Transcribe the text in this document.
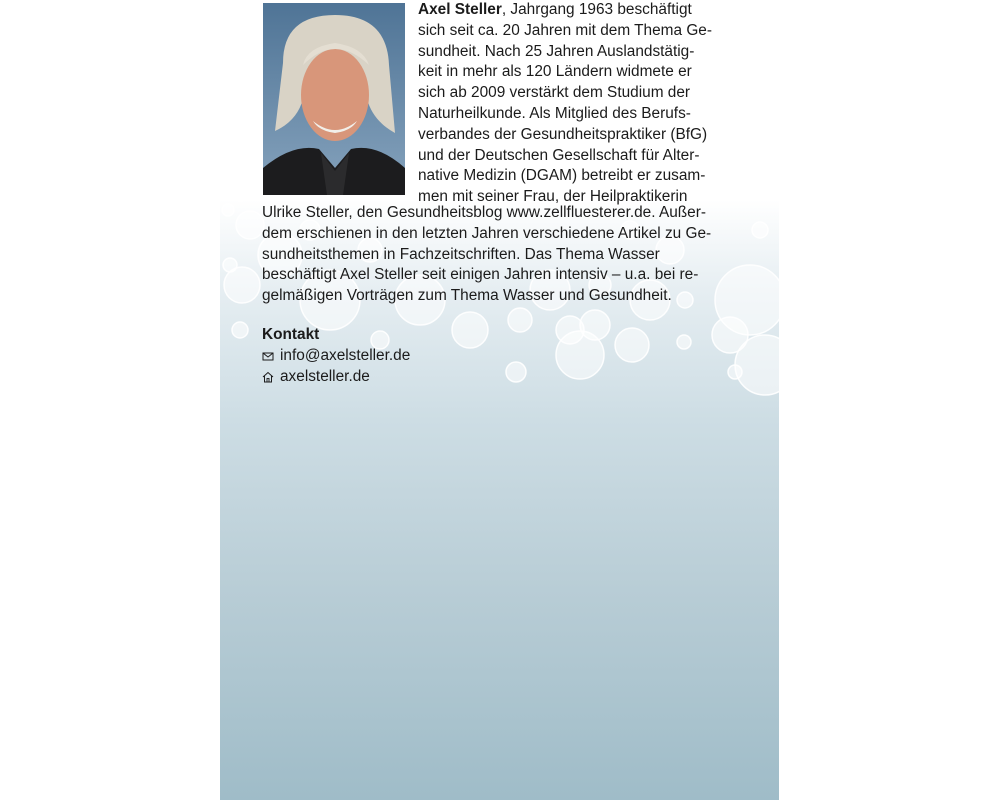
Axel Steller, Jahrgang 1963 beschäftigt
sich seit ca. 20 Jahren mit dem Thema Ge-
sundheit. Nach 25 Jahren Auslandstätig-
keit in mehr als 120 Ländern widmete er
sich ab 2009 verstärkt dem Studium der
Naturheilkunde. Als Mitglied des Berufs-
verbandes der Gesundheitspraktiker (BfG)
und der Deutschen Gesellschaft für Alter-
native Medizin (DGAM) betreibt er zusam-
men mit seiner Frau, der Heilpraktikerin
Ulrike Steller, den Gesundheitsblog www.zellfluesterer.de. Außer-
dem erschienen in den letzten Jahren verschiedene Artikel zu Ge-
sundheitsthemen in Fachzeitschriften. Das Thema Wasser
beschäftigt Axel Steller seit einigen Jahren intensiv – u.a. bei re-
gelmäßigen Vorträgen zum Thema Wasser und Gesundheit.
Kontakt
info@axelsteller.de
axelsteller.de
